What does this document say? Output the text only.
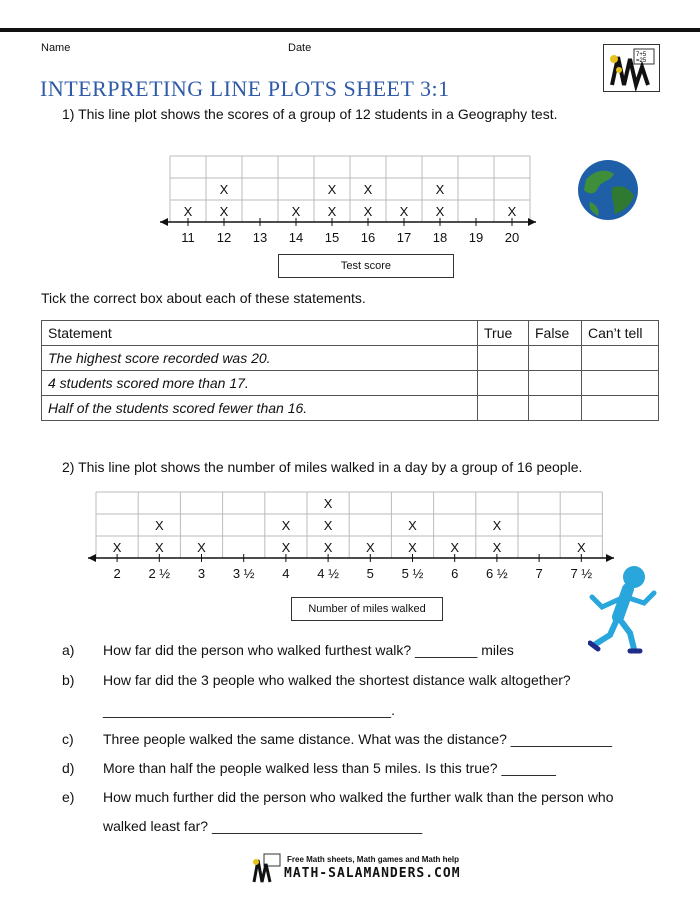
Name	Date
7+5
=25
INTERPRETING LINE PLOTS SHEET 3:1
1) This line plot shows the scores of a group of 12 students in a Geography test.
11
X
12
X
X
13 14
X
15
X
X
16
X
X
17
X
18
X
X
19 20
X
Test score
Tick the correct box about each of these statements.
Statement	True	False	Can’t tell
The highest score recorded was 20.			
4 students scored more than 17.			
Half of the students scored fewer than 16.			
2) This line plot shows the number of miles walked in a day by a group of 16 people.
2
X
2 ½
X
X
3
X
3 ½ 4
X
X
4 ½
X
X
X
5
X
5 ½
X
X
6
X
6 ½
X
X
7 7 ½
X
Number of miles walked
a) How far did the person who walked furthest walk? ________ miles
b) How far did the 3 people who walked the shortest distance walk altogether?
_____________________________________.
c) Three people walked the same distance. What was the distance? _____________
d) More than half the people walked less than 5 miles. Is this true? _______
e) How much further did the person who walked the further walk than the person who
walked least far? ___________________________
Free Math sheets, Math games and Math help
MATH-SALAMANDERS.COM
